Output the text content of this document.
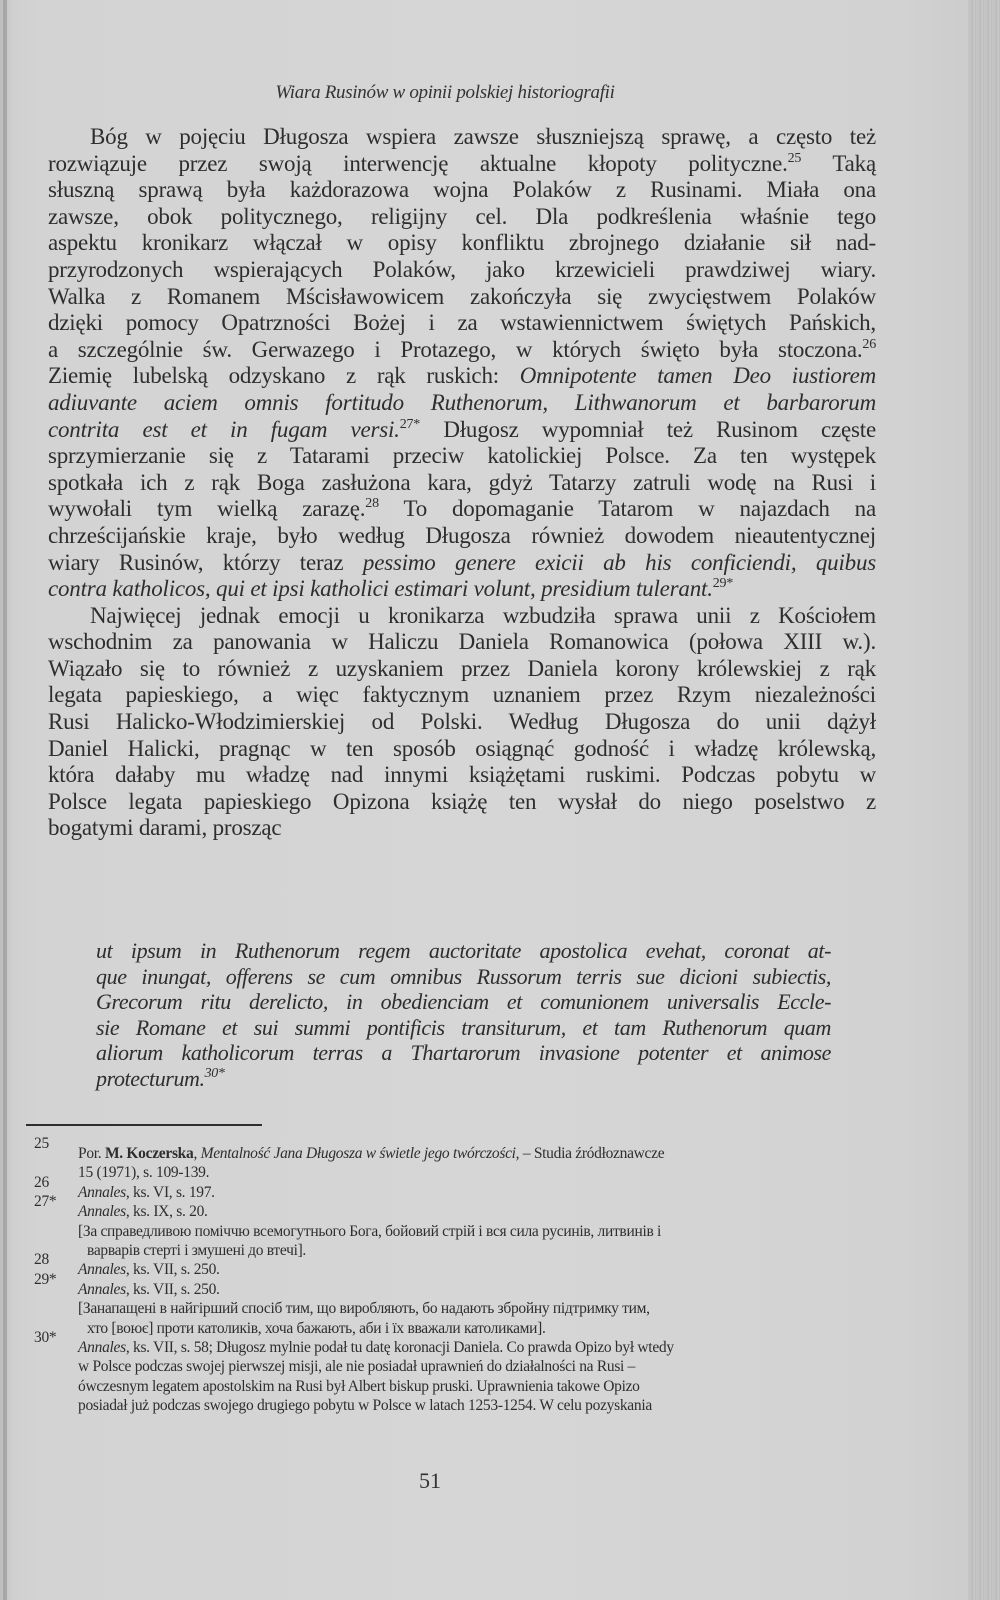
Wiara Rusinów w opinii polskiej historiografii
Bóg w pojęciu Długosza wspiera zawsze słuszniejszą sprawę, a często też
rozwiązuje przez swoją interwencję aktualne kłopoty polityczne.$^{25}$ Taką
słuszną sprawą była każdorazowa wojna Polaków z Rusinami. Miała ona
zawsze, obok politycznego, religijny cel. Dla podkreślenia właśnie tego
aspektu kronikarz włączał w opisy konfliktu zbrojnego działanie sił nad-
przyrodzonych wspierających Polaków, jako krzewicieli prawdziwej wiary.
Walka z Romanem Mścisławowicem zakończyła się zwycięstwem Polaków
dzięki pomocy Opatrzności Bożej i za wstawiennictwem świętych Pańskich,
a szczególnie św. Gerwazego i Protazego, w których święto była stoczona.$^{26}$
Ziemię lubelską odzyskano z rąk ruskich: Omnipotente tamen Deo iustiorem
adiuvante aciem omnis fortitudo Ruthenorum, Lithwanorum et barbarorum
contrita est et in fugam versi.$^{27*}$ Długosz wypomniał też Rusinom częste
sprzymierzanie się z Tatarami przeciw katolickiej Polsce. Za ten występek
spotkała ich z rąk Boga zasłużona kara, gdyż Tatarzy zatruli wodę na Rusi i
wywołali tym wielką zarazę.$^{28}$ To dopomaganie Tatarom w najazdach na
chrześcijańskie kraje, było według Długosza również dowodem nieautentycznej
wiary Rusinów, którzy teraz pessimo genere exicii ab his conficiendi, quibus
contra katholicos, qui et ipsi katholici estimari volunt, presidium tulerant.$^{29*}$
Najwięcej jednak emocji u kronikarza wzbudziła sprawa unii z Kościołem
wschodnim za panowania w Haliczu Daniela Romanowica (połowa XIII w.).
Wiązało się to również z uzyskaniem przez Daniela korony królewskiej z rąk
legata papieskiego, a więc faktycznym uznaniem przez Rzym niezależności
Rusi Halicko-Włodzimierskiej od Polski. Według Długosza do unii dążył
Daniel Halicki, pragnąc w ten sposób osiągnąć godność i władzę królewską,
która dałaby mu władzę nad innymi książętami ruskimi. Podczas pobytu w
Polsce legata papieskiego Opizona książę ten wysłał do niego poselstwo z
bogatymi darami, prosząc
ut ipsum in Ruthenorum regem auctoritate apostolica evehat, coronat at-
que inungat, offerens se cum omnibus Russorum terris sue dicioni subiectis,
Grecorum ritu derelicto, in obedienciam et comunionem universalis Eccle-
sie Romane et sui summi pontificis transiturum, et tam Ruthenorum quam
aliorum katholicorum terras a Thartarorum invasione potenter et animose
protecturum.$^{30*}$
25
Por. M. Koczerska, Mentalność Jana Długosza w świetle jego twórczości, – Studia źródłoznawcze
15 (1971), s. 109-139.
26
Annales, ks. VI, s. 197.
27*
Annales, ks. IX, s. 20.
[За справедливою поміччю всемогутнього Бога, бойовий стрій і вся сила русинів, литвинів і
варварів стерті і змушені до втечі].
28
Annales, ks. VII, s. 250.
29*
Annales, ks. VII, s. 250.
[Занапащені в найгірший спосіб тим, що виробляють, бо надають збройну підтримку тим,
хто [воює] проти католиків, хоча бажають, аби і їх вважали католиками].
30*
Annales, ks. VII, s. 58; Długosz mylnie podał tu datę koronacji Daniela. Co prawda Opizo był wtedy
w Polsce podczas swojej pierwszej misji, ale nie posiadał uprawnień do działalności na Rusi –
ówczesnym legatem apostolskim na Rusi był Albert biskup pruski. Uprawnienia takowe Opizo
posiadał już podczas swojego drugiego pobytu w Polsce w latach 1253-1254. W celu pozyskania
51
